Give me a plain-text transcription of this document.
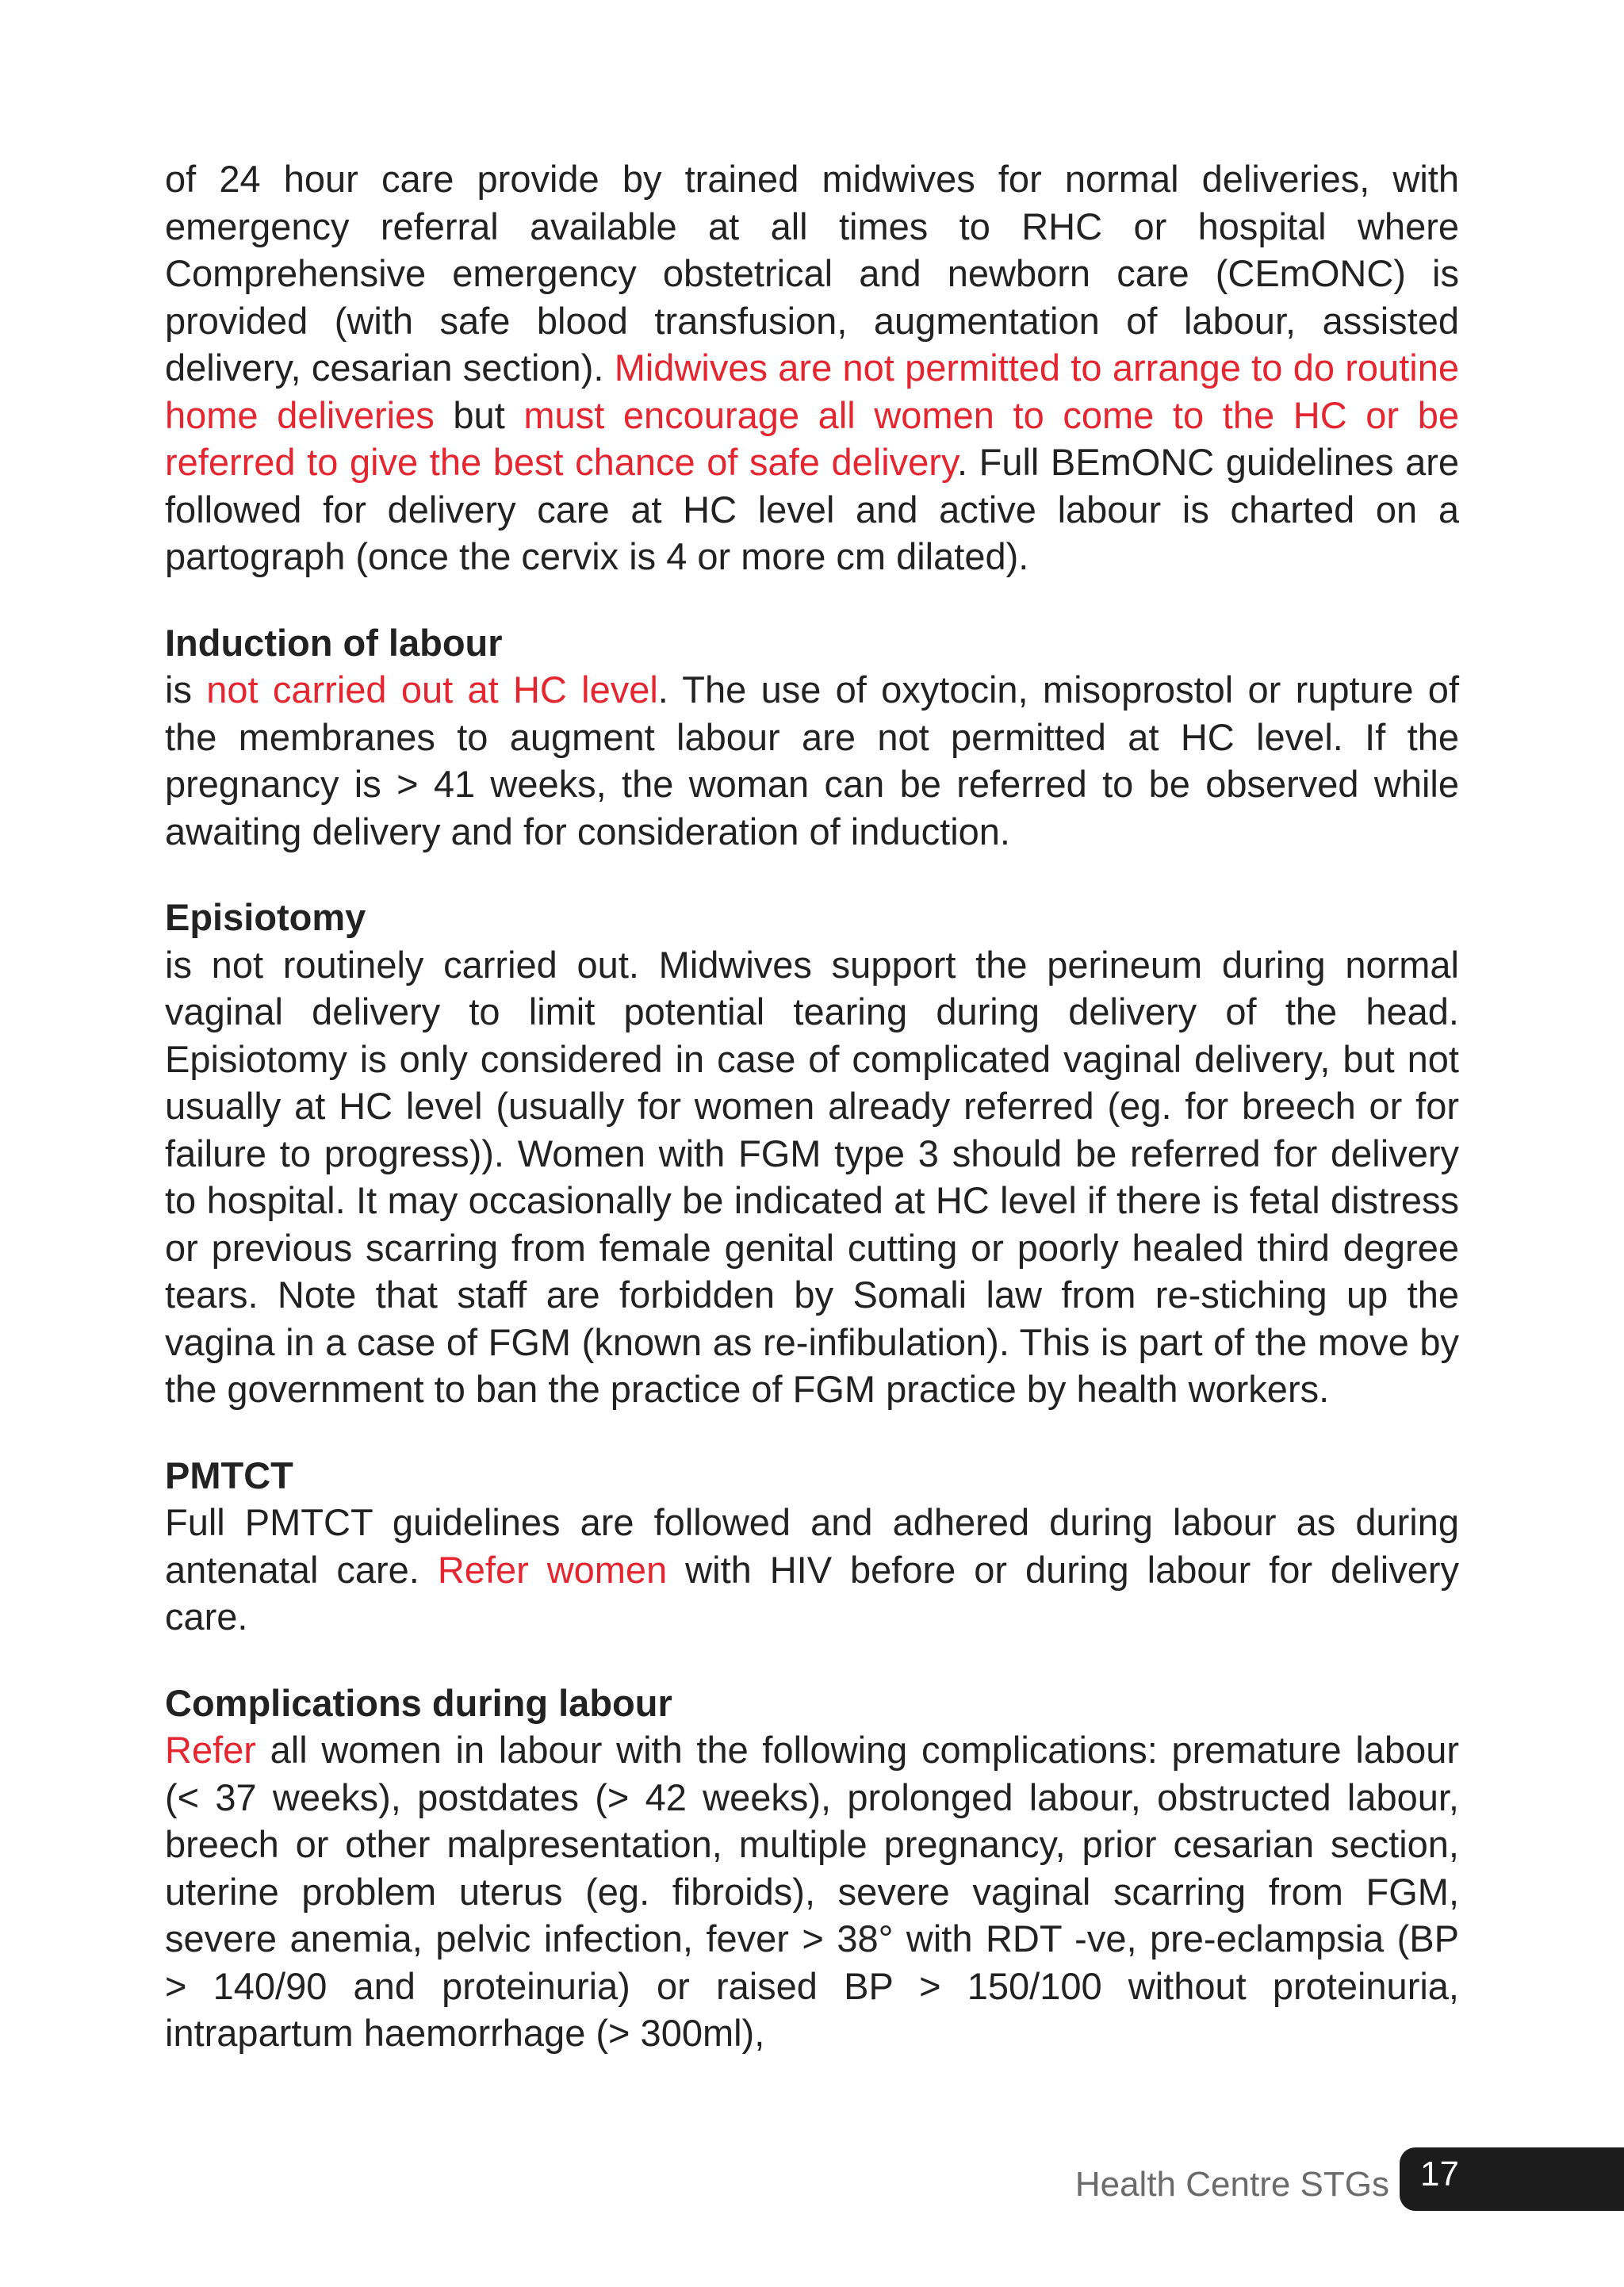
of 24 hour care provide by trained midwives for normal deliveries, with emergency referral available at all times to RHC or hospital where Comprehensive emergency obstetrical and newborn care (CEmONC) is provided (with safe blood transfusion, augmentation of labour, assisted delivery, cesarian section). Midwives are not permitted to arrange to do routine home deliveries but must encourage all women to come to the HC or be referred to give the best chance of safe delivery. Full BEmONC guidelines are followed for delivery care at HC level and active labour is charted on a partograph (once the cervix is 4 or more cm dilated).

Induction of labour

is not carried out at HC level. The use of oxytocin, misoprostol or rupture of the membranes to augment labour are not permitted at HC level. If the pregnancy is > 41 weeks, the woman can be referred to be observed while awaiting delivery and for consideration of induction.

Episiotomy

is not routinely carried out. Midwives support the perineum during normal vaginal delivery to limit potential tearing during delivery of the head. Episiotomy is only considered in case of complicated vaginal delivery, but not usually at HC level (usually for women already referred (eg. for breech or for failure to progress)). Women with FGM type 3 should be referred for delivery to hospital. It may occasionally be indicated at HC level if there is fetal distress or previous scarring from female genital cutting or poorly healed third degree tears. Note that staff are forbidden by Somali law from re-stiching up the vagina in a case of FGM (known as re-infibulation). This is part of the move by the government to ban the practice of FGM practice by health workers.

PMTCT

Full PMTCT guidelines are followed and adhered during labour as during antenatal care. Refer women with HIV before or during labour for delivery care.

Complications during labour

Refer all women in labour with the following complications: premature labour (< 37 weeks), postdates (> 42 weeks), prolonged labour, obstructed labour, breech or other malpresentation, multiple pregnancy, prior cesarian section, uterine problem uterus (eg. fibroids), severe vaginal scarring from FGM, severe anemia, pelvic infection, fever > 38° with RDT -ve, pre-eclampsia (BP > 140/90 and proteinuria) or raised BP > 150/100 without proteinuria, intrapartum haemorrhage (> 300ml),

Health Centre STGs 17
